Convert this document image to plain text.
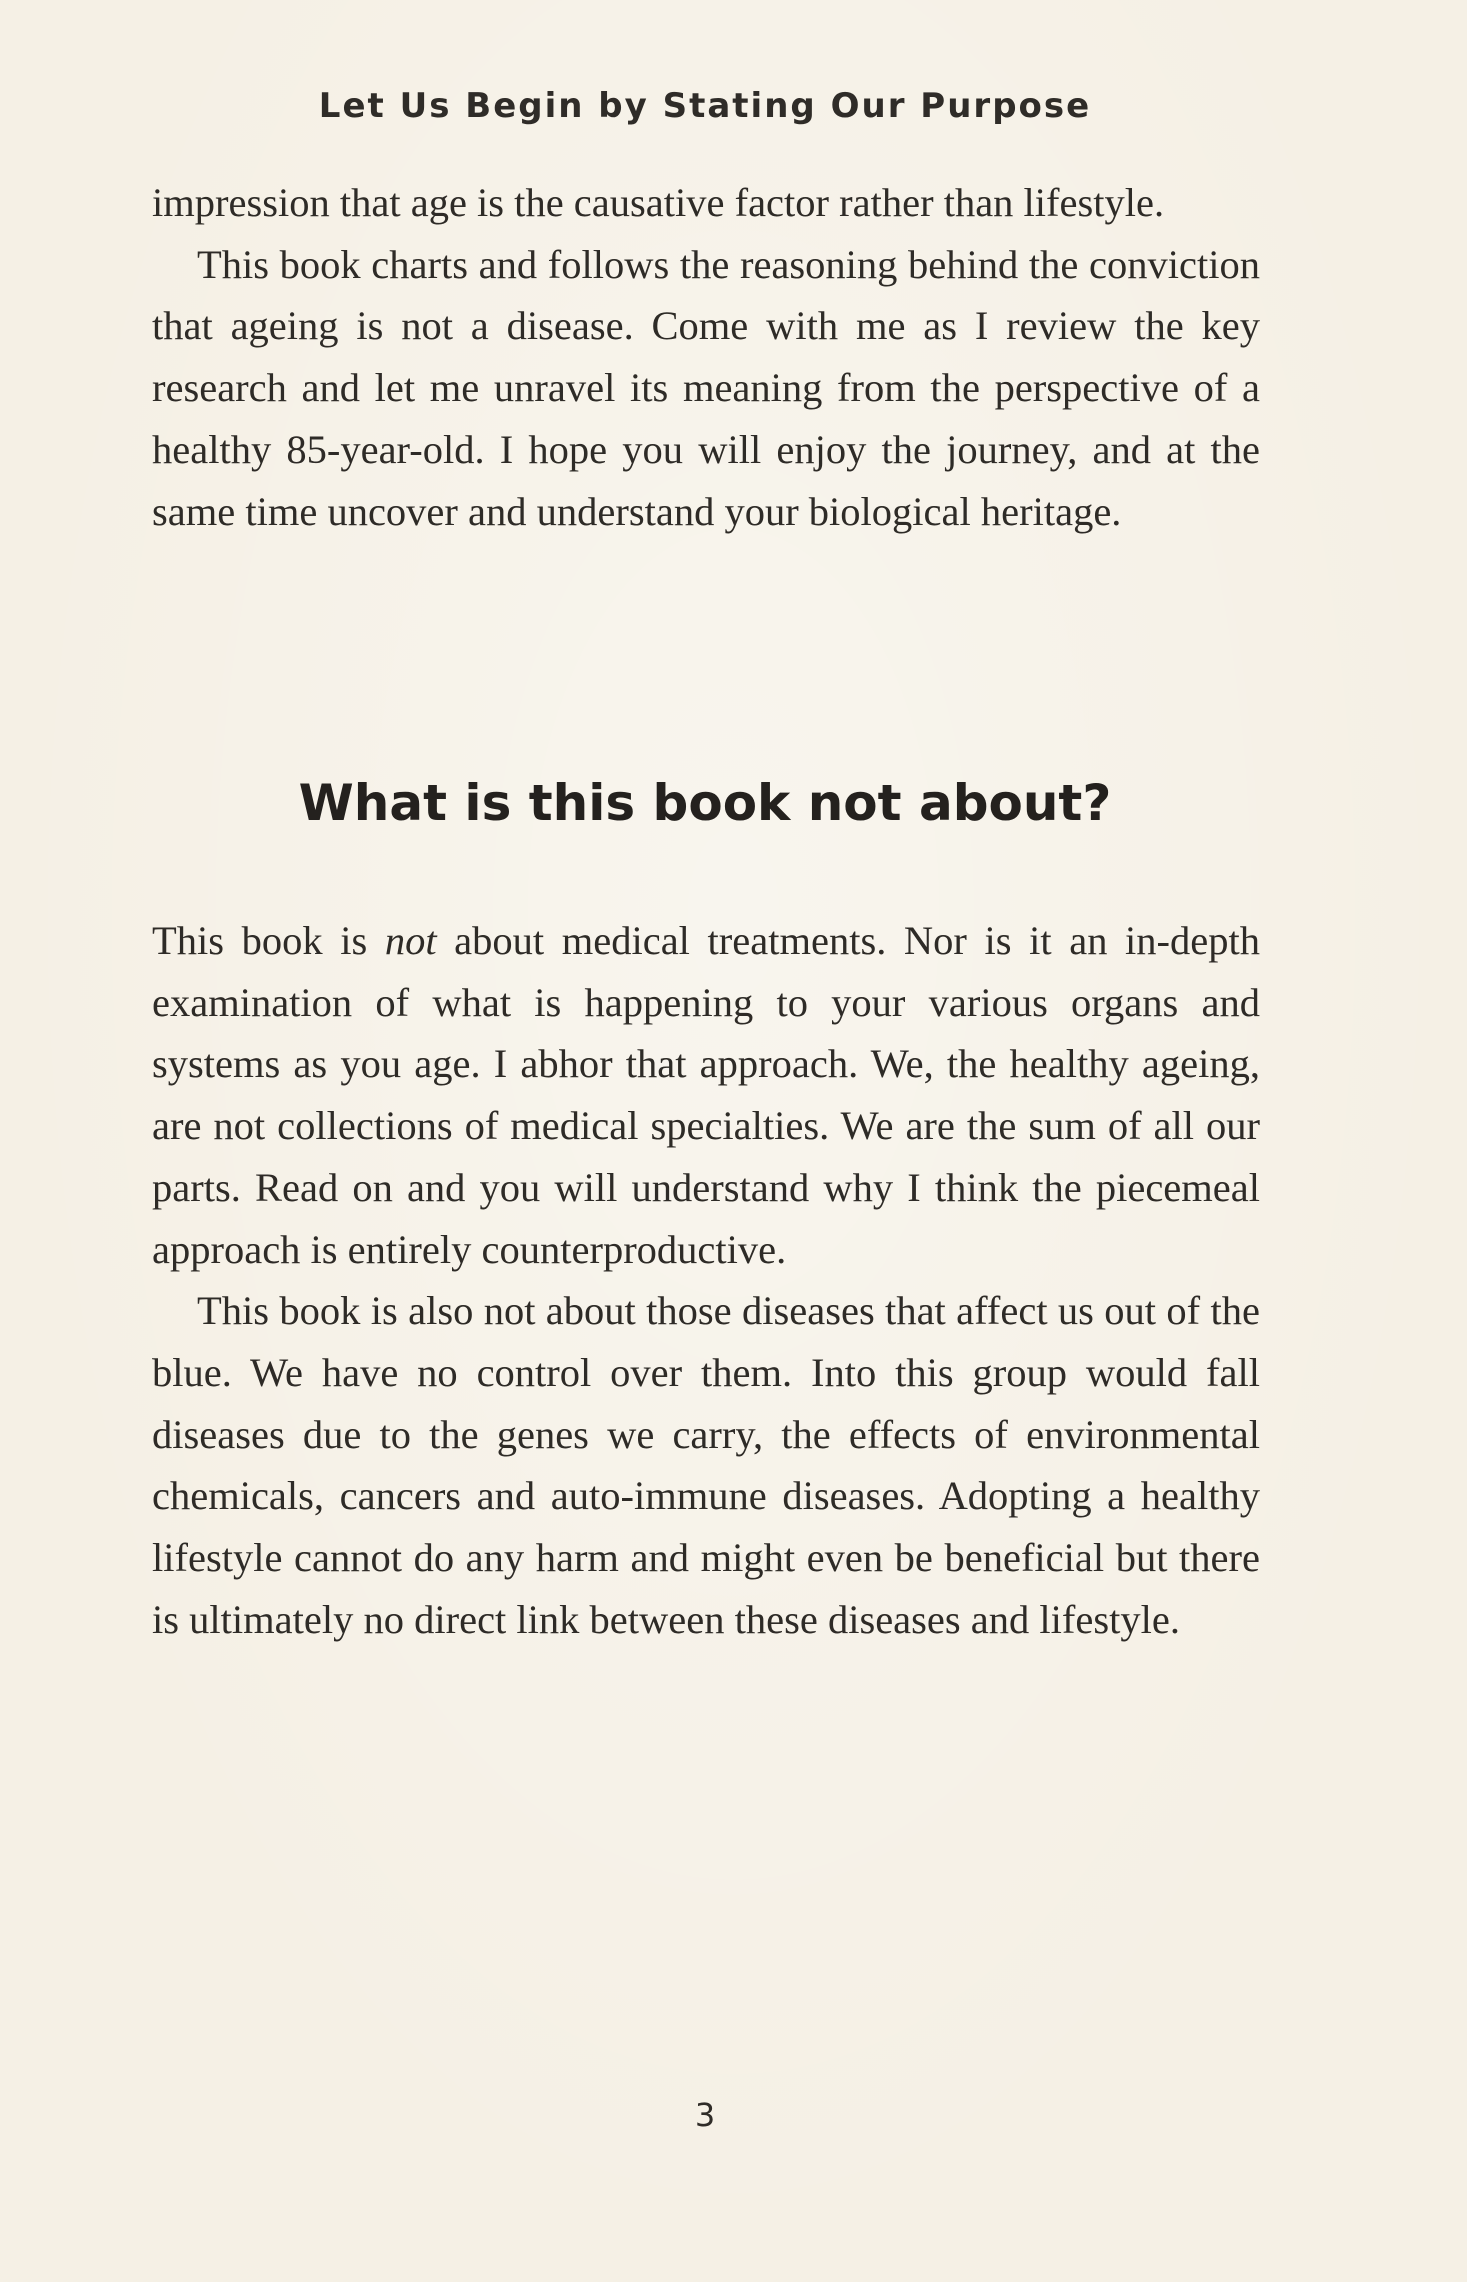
Let Us Begin by Stating Our Purpose

impression that age is the causative factor rather than lifestyle.

This book charts and follows the reasoning behind the conviction that ageing is not a disease. Come with me as I review the key research and let me unravel its meaning from the perspective of a healthy 85-year-old. I hope you will enjoy the journey, and at the same time uncover and understand your biological heritage.

What is this book not about?

This book is not about medical treatments. Nor is it an in-depth examination of what is happening to your various organs and systems as you age. I abhor that approach. We, the healthy ageing, are not collections of medical specialties. We are the sum of all our parts. Read on and you will understand why I think the piecemeal approach is entirely counterproductive.

This book is also not about those diseases that affect us out of the blue. We have no control over them. Into this group would fall diseases due to the genes we carry, the effects of environmental chemicals, cancers and auto-immune diseases. Adopting a healthy lifestyle cannot do any harm and might even be beneficial but there is ultimately no direct link between these diseases and lifestyle.

3
